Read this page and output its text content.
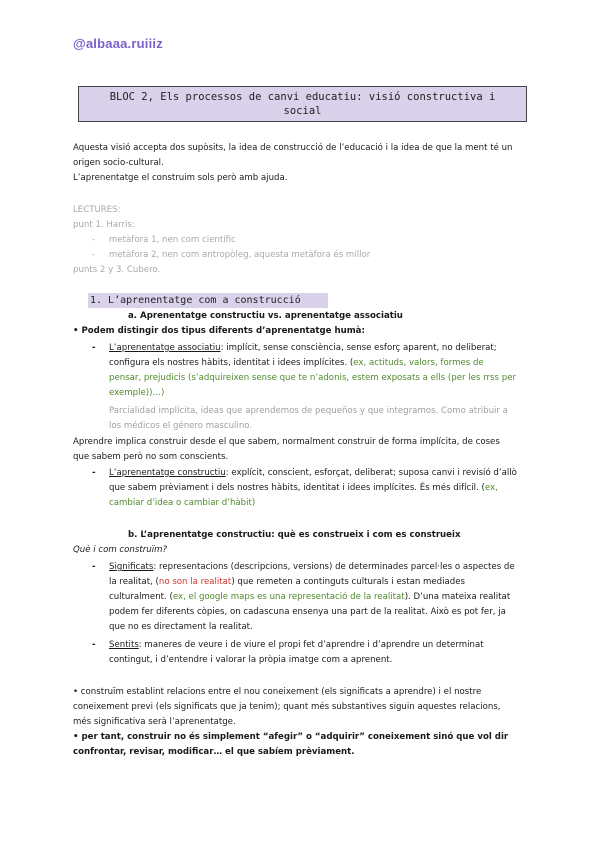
@albaaa.ruiiiz
BLOC 2, Els processos de canvi educatiu: visió constructiva i
social
Aquesta visió accepta dos supòsits, la idea de construcció de l’educació i la idea de que la ment té un
origen socio-cultural.
L’aprenentatge el construim sols però amb ajuda.
LECTURES:
punt 1. Harris:
- metàfora 1, nen com científic
- metàfora 2, nen com antropòleg, aquesta metàfora és millor
punts 2 y 3. Cubero.
1. L’aprenentatge com a construcció
a. Aprenentatge constructiu vs. aprenentatge associatiu
• Podem distingir dos tipus diferents d’aprenentatge humà:
- L’aprenentatge associatiu: implícit, sense consciència, sense esforç aparent, no deliberat;
configura els nostres hàbits, identitat i idees implícites. (ex, actituds, valors, formes de
pensar, prejudicis (s’adquireixen sense que te n’adonis, estem exposats a ells (per les rrss per
exemple))…)
Parcialidad implícita, ideas que aprendemos de pequeños y que integramos. Como atribuir a
los médicos el género masculino.
Aprendre implica construir desde el que sabem, normalment construir de forma implícita, de coses
que sabem però no som conscients.
- L’aprenentatge constructiu: explícit, conscient, esforçat, deliberat; suposa canvi i revisió d’allò
que sabem prèviament i dels nostres hàbits, identitat i idees implícites. És més difícil. (ex,
cambiar d’idea o cambiar d’hàbit)
b. L’aprenentatge constructiu: què es construeix i com es construeix
Què i com construïm?
- Significats: representacions (descripcions, versions) de determinades parcel·les o aspectes de
la realitat, (no son la realitat) que remeten a continguts culturals i estan mediades
culturalment. (ex, el google maps es una representació de la realitat). D’una mateixa realitat
podem fer diferents còpies, on cadascuna ensenya una part de la realitat. Això es pot fer, ja
que no es directament la realitat.
- Sentits: maneres de veure i de viure el propi fet d’aprendre i d’aprendre un determinat
contingut, i d’entendre i valorar la pròpia imatge com a aprenent.
• construïm establint relacions entre el nou coneixement (els significats a aprendre) i el nostre
coneixement previ (els significats que ja tenim); quant més substantives siguin aquestes relacions,
més significativa serà l’aprenentatge.
• per tant, construir no és simplement “afegir” o “adquirir” coneixement sinó que vol dir
confrontar, revisar, modificar… el que sabíem prèviament.
